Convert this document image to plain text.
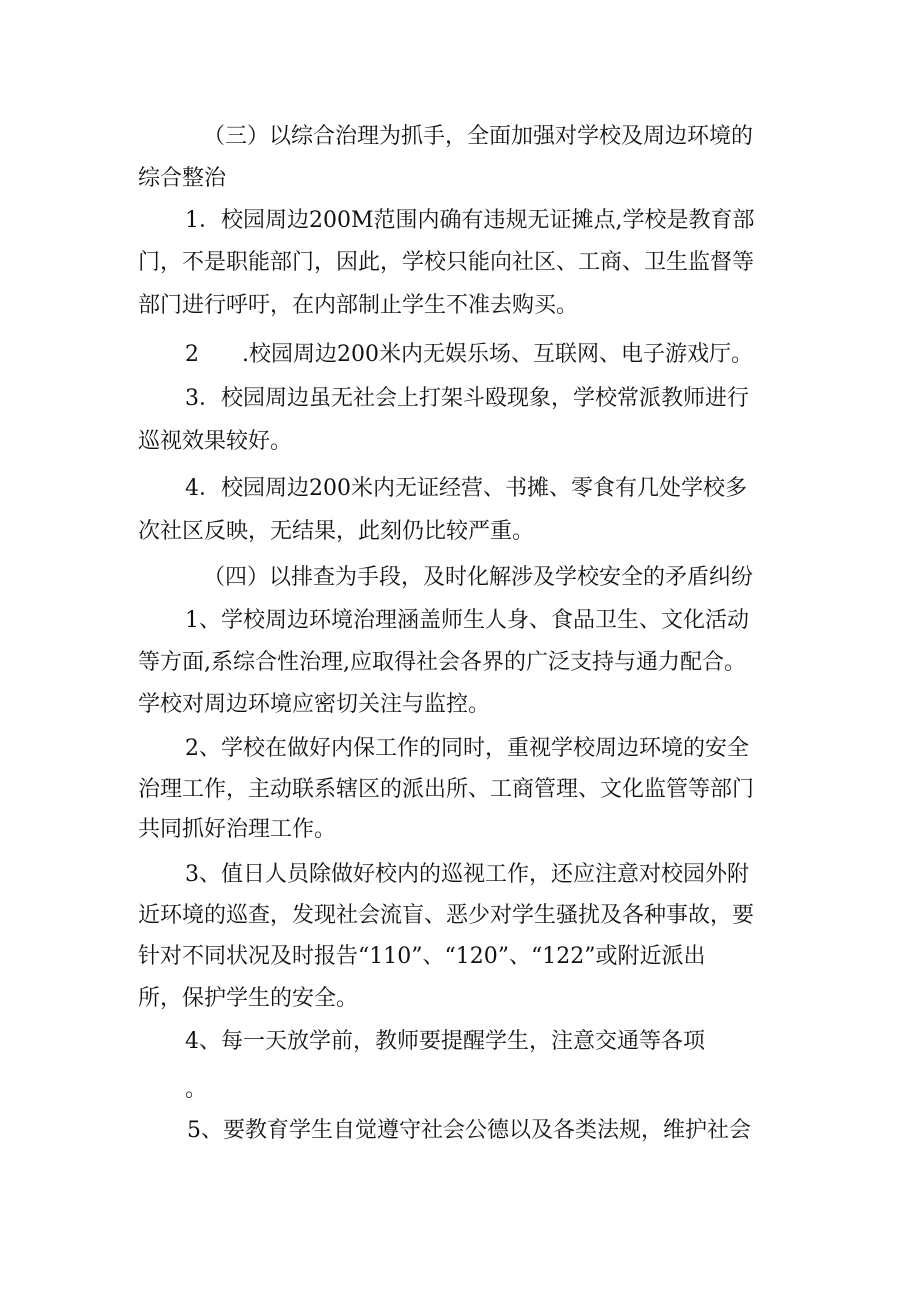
（三）以综合治理为抓手，全面加强对学校及周边环境的
综合整治
1．校园周边200M范围内确有违规无证摊点,学校是教育部
门，不是职能部门，因此，学校只能向社区、工商、卫生监督等
部门进行呼吁，在内部制止学生不准去购买。
2	.校园周边200米内无娱乐场、互联网、电子游戏厅。
3．校园周边虽无社会上打架斗殴现象，学校常派教师进行
巡视效果较好。
4．校园周边200米内无证经营、书摊、零食有几处学校多
次社区反映，无结果，此刻仍比较严重。
（四）以排查为手段，及时化解涉及学校安全的矛盾纠纷
1、学校周边环境治理涵盖师生人身、食品卫生、文化活动
等方面,系综合性治理,应取得社会各界的广泛支持与通力配合。
学校对周边环境应密切关注与监控。
2、学校在做好内保工作的同时，重视学校周边环境的安全
治理工作，主动联系辖区的派出所、工商管理、文化监管等部门
共同抓好治理工作。
3、值日人员除做好校内的巡视工作，还应注意对校园外附
近环境的巡查，发现社会流盲、恶少对学生骚扰及各种事故，要
针对不同状况及时报告“110”、“120”、“122”或附近派出
所，保护学生的安全。
4、每一天放学前，教师要提醒学生，注意交通等各项
。
5、要教育学生自觉遵守社会公德以及各类法规，维护社会
